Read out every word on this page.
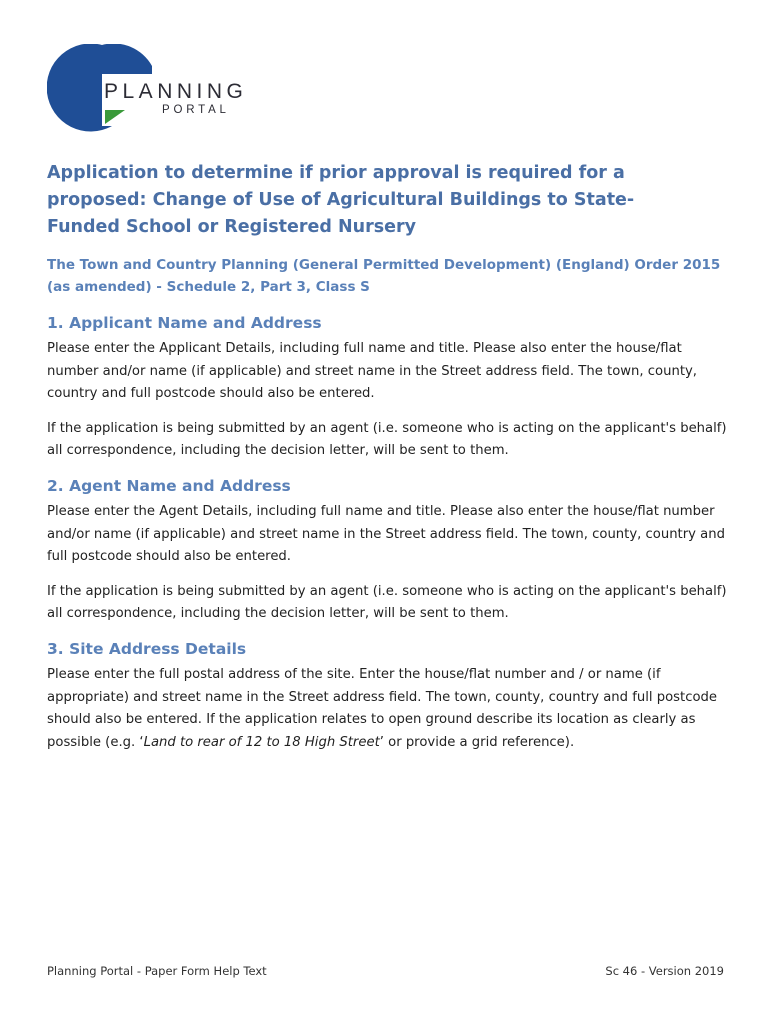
PLANNING
PORTAL
Application to determine if prior approval is required for a proposed: Change of Use of Agricultural Buildings to State-Funded School or Registered Nursery
The Town and Country Planning (General Permitted Development) (England) Order 2015 (as amended) - Schedule 2, Part 3, Class S
1. Applicant Name and Address

Please enter the Applicant Details, including full name and title. Please also enter the house/flat number and/or name (if applicable) and street name in the Street address field. The town, county, country and full postcode should also be entered.

If the application is being submitted by an agent (i.e. someone who is acting on the applicant's behalf) all correspondence, including the decision letter, will be sent to them.

2. Agent Name and Address

Please enter the Agent Details, including full name and title. Please also enter the house/flat number and/or name (if applicable) and street name in the Street address field. The town, county, country and full postcode should also be entered.

If the application is being submitted by an agent (i.e. someone who is acting on the applicant's behalf) all correspondence, including the decision letter, will be sent to them.

3. Site Address Details

Please enter the full postal address of the site. Enter the house/flat number and / or name (if appropriate) and street name in the Street address field. The town, county, country and full postcode should also be entered. If the application relates to open ground describe its location as clearly as possible (e.g. ‘Land to rear of 12 to 18 High Street’ or provide a grid reference).

Planning Portal - Paper Form Help Text	Sc 46 - Version 2019
